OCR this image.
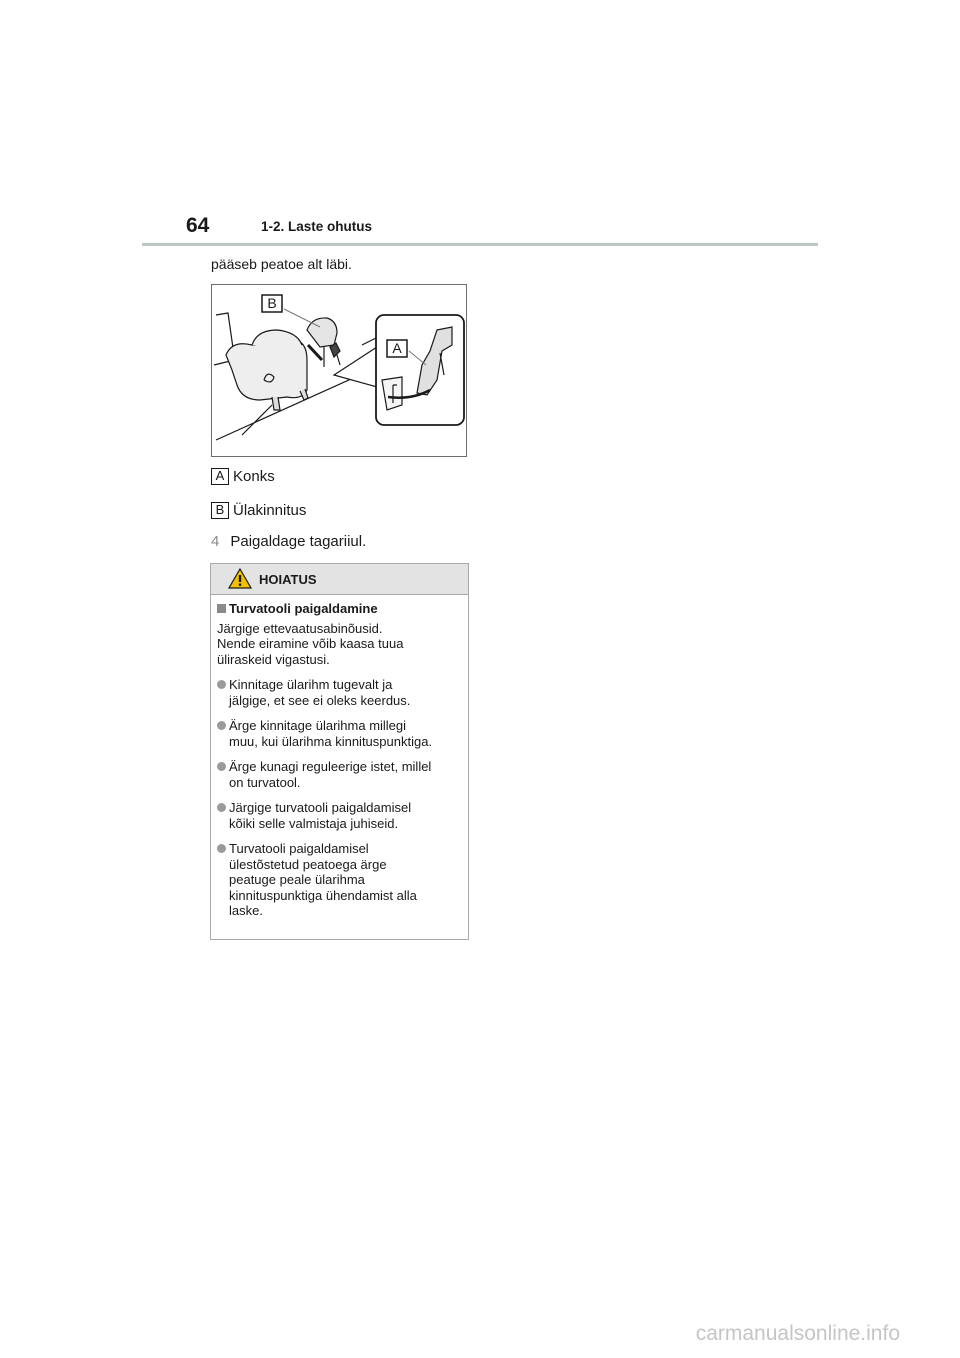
64	1-2. Laste ohutus
pääseb peatoe alt läbi.
B
A
A Konks
B Ülakinnitus
4 Paigaldage tagariiul.
HOIATUS
Turvatooli paigaldamine
Järgige ettevaatusabinõusid.
Nende eiramine võib kaasa tuua
üliraskeid vigastusi.
Kinnitage ülarihm tugevalt ja
jälgige, et see ei oleks keerdus.
Ärge kinnitage ülarihma millegi
muu, kui ülarihma kinnituspunktiga.
Ärge kunagi reguleerige istet, millel
on turvatool.
Järgige turvatooli paigaldamisel
kõiki selle valmistaja juhiseid.
Turvatooli paigaldamisel
ülestõstetud peatoega ärge
peatuge peale ülarihma
kinnituspunktiga ühendamist alla
laske.
carmanualsonline.info
